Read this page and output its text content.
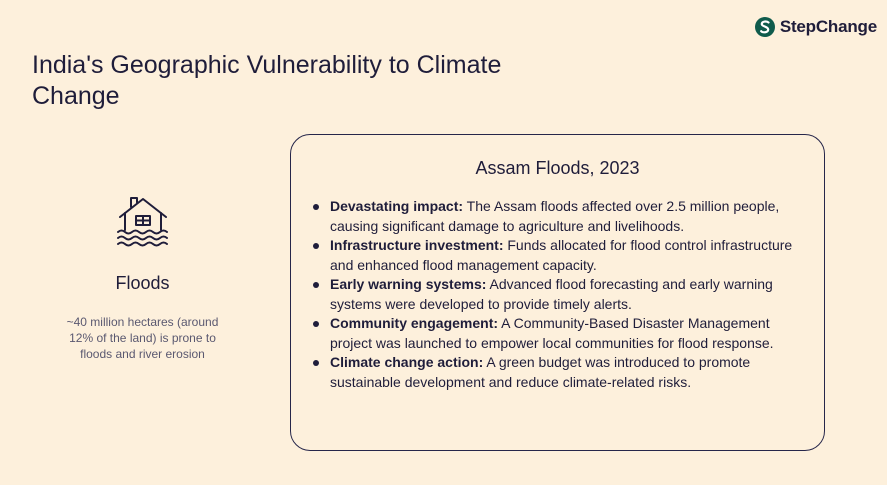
StepChange
India's Geographic Vulnerability to Climate Change
Floods
~40 million hectares (around 12% of the land) is prone to floods and river erosion
Assam Floods, 2023
Devastating impact: The Assam floods affected over 2.5 million people, causing significant damage to agriculture and livelihoods.
Infrastructure investment: Funds allocated for flood control infrastructure and enhanced flood management capacity.
Early warning systems: Advanced flood forecasting and early warning systems were developed to provide timely alerts.
Community engagement: A Community-Based Disaster Management project was launched to empower local communities for flood response.
Climate change action: A green budget was introduced to promote sustainable development and reduce climate-related risks.
